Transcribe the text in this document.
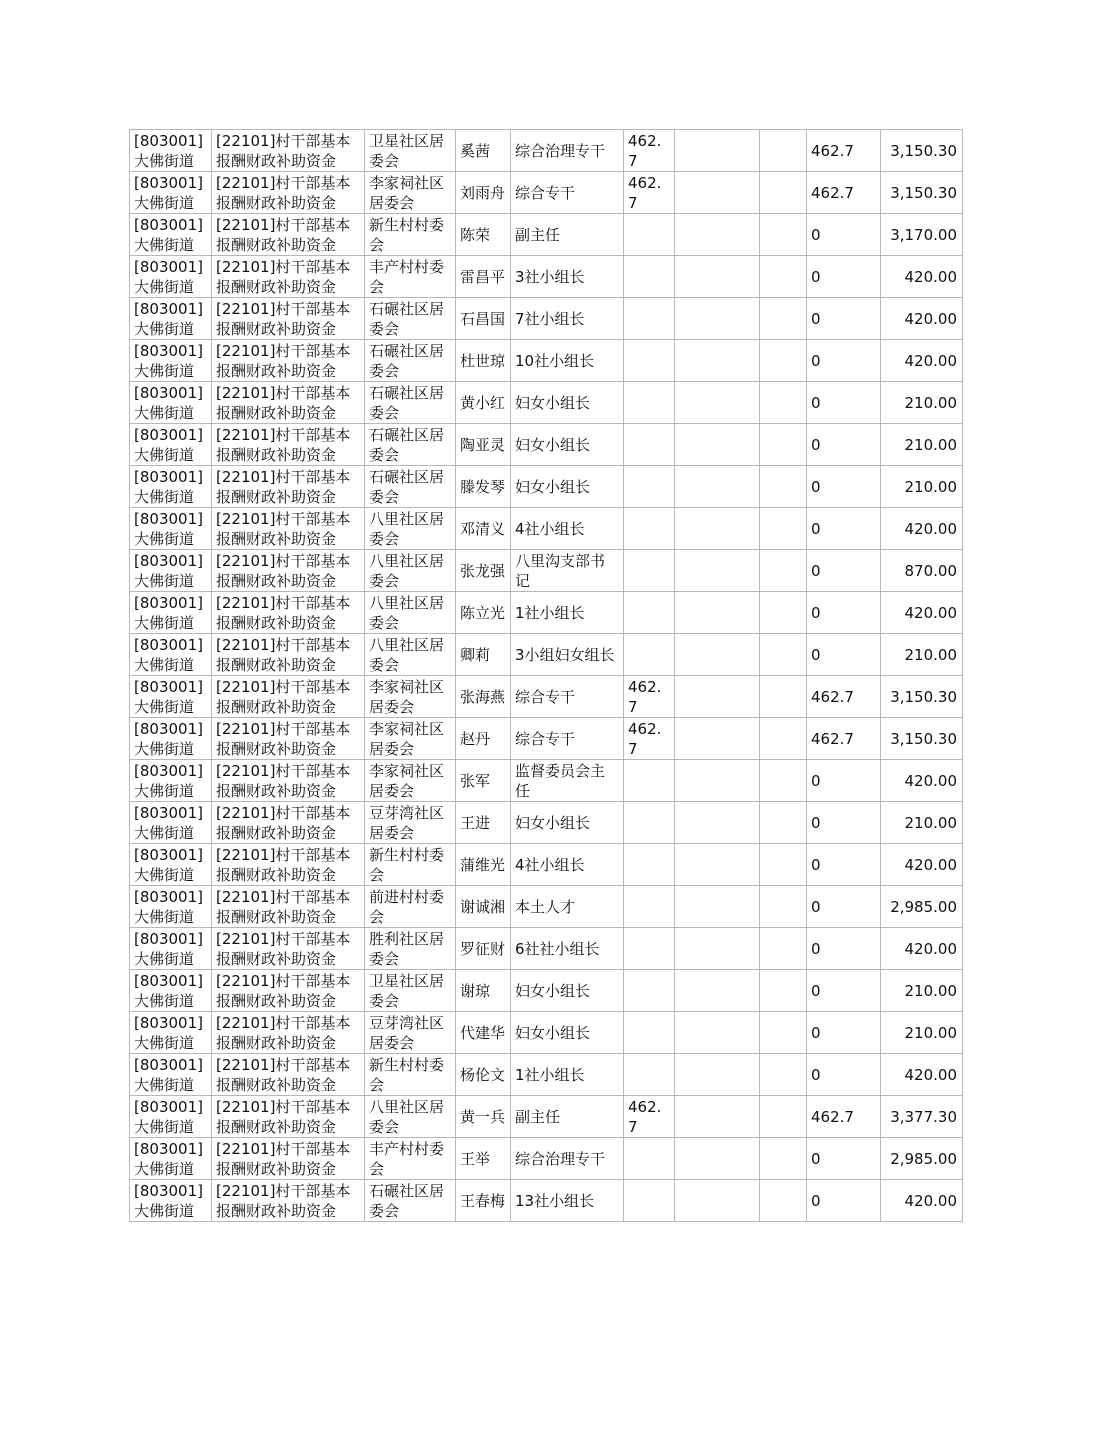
[803001]大佛街道	[22101]村干部基本报酬财政补助资金	卫星社区居委会	奚茜	综合治理专干	462.7			462.7	3,150.30
[803001]大佛街道	[22101]村干部基本报酬财政补助资金	李家祠社区居委会	刘雨舟	综合专干	462.7			462.7	3,150.30
[803001]大佛街道	[22101]村干部基本报酬财政补助资金	新生村村委会	陈荣	副主任				0	3,170.00
[803001]大佛街道	[22101]村干部基本报酬财政补助资金	丰产村村委会	雷昌平	3社小组长				0	420.00
[803001]大佛街道	[22101]村干部基本报酬财政补助资金	石碾社区居委会	石昌国	7社小组长				0	420.00
[803001]大佛街道	[22101]村干部基本报酬财政补助资金	石碾社区居委会	杜世琼	10社小组长				0	420.00
[803001]大佛街道	[22101]村干部基本报酬财政补助资金	石碾社区居委会	黄小红	妇女小组长				0	210.00
[803001]大佛街道	[22101]村干部基本报酬财政补助资金	石碾社区居委会	陶亚灵	妇女小组长				0	210.00
[803001]大佛街道	[22101]村干部基本报酬财政补助资金	石碾社区居委会	滕发琴	妇女小组长				0	210.00
[803001]大佛街道	[22101]村干部基本报酬财政补助资金	八里社区居委会	邓清义	4社小组长				0	420.00
[803001]大佛街道	[22101]村干部基本报酬财政补助资金	八里社区居委会	张龙强	八里沟支部书记				0	870.00
[803001]大佛街道	[22101]村干部基本报酬财政补助资金	八里社区居委会	陈立光	1社小组长				0	420.00
[803001]大佛街道	[22101]村干部基本报酬财政补助资金	八里社区居委会	卿莉	3小组妇女组长				0	210.00
[803001]大佛街道	[22101]村干部基本报酬财政补助资金	李家祠社区居委会	张海燕	综合专干	462.7			462.7	3,150.30
[803001]大佛街道	[22101]村干部基本报酬财政补助资金	李家祠社区居委会	赵丹	综合专干	462.7			462.7	3,150.30
[803001]大佛街道	[22101]村干部基本报酬财政补助资金	李家祠社区居委会	张军	监督委员会主任				0	420.00
[803001]大佛街道	[22101]村干部基本报酬财政补助资金	豆芽湾社区居委会	王进	妇女小组长				0	210.00
[803001]大佛街道	[22101]村干部基本报酬财政补助资金	新生村村委会	蒲维光	4社小组长				0	420.00
[803001]大佛街道	[22101]村干部基本报酬财政补助资金	前进村村委会	谢诚湘	本土人才				0	2,985.00
[803001]大佛街道	[22101]村干部基本报酬财政补助资金	胜利社区居委会	罗征财	6社社小组长				0	420.00
[803001]大佛街道	[22101]村干部基本报酬财政补助资金	卫星社区居委会	谢琼	妇女小组长				0	210.00
[803001]大佛街道	[22101]村干部基本报酬财政补助资金	豆芽湾社区居委会	代建华	妇女小组长				0	210.00
[803001]大佛街道	[22101]村干部基本报酬财政补助资金	新生村村委会	杨伦文	1社小组长				0	420.00
[803001]大佛街道	[22101]村干部基本报酬财政补助资金	八里社区居委会	黄一兵	副主任	462.7			462.7	3,377.30
[803001]大佛街道	[22101]村干部基本报酬财政补助资金	丰产村村委会	王举	综合治理专干				0	2,985.00
[803001]大佛街道	[22101]村干部基本报酬财政补助资金	石碾社区居委会	王春梅	13社小组长				0	420.00
